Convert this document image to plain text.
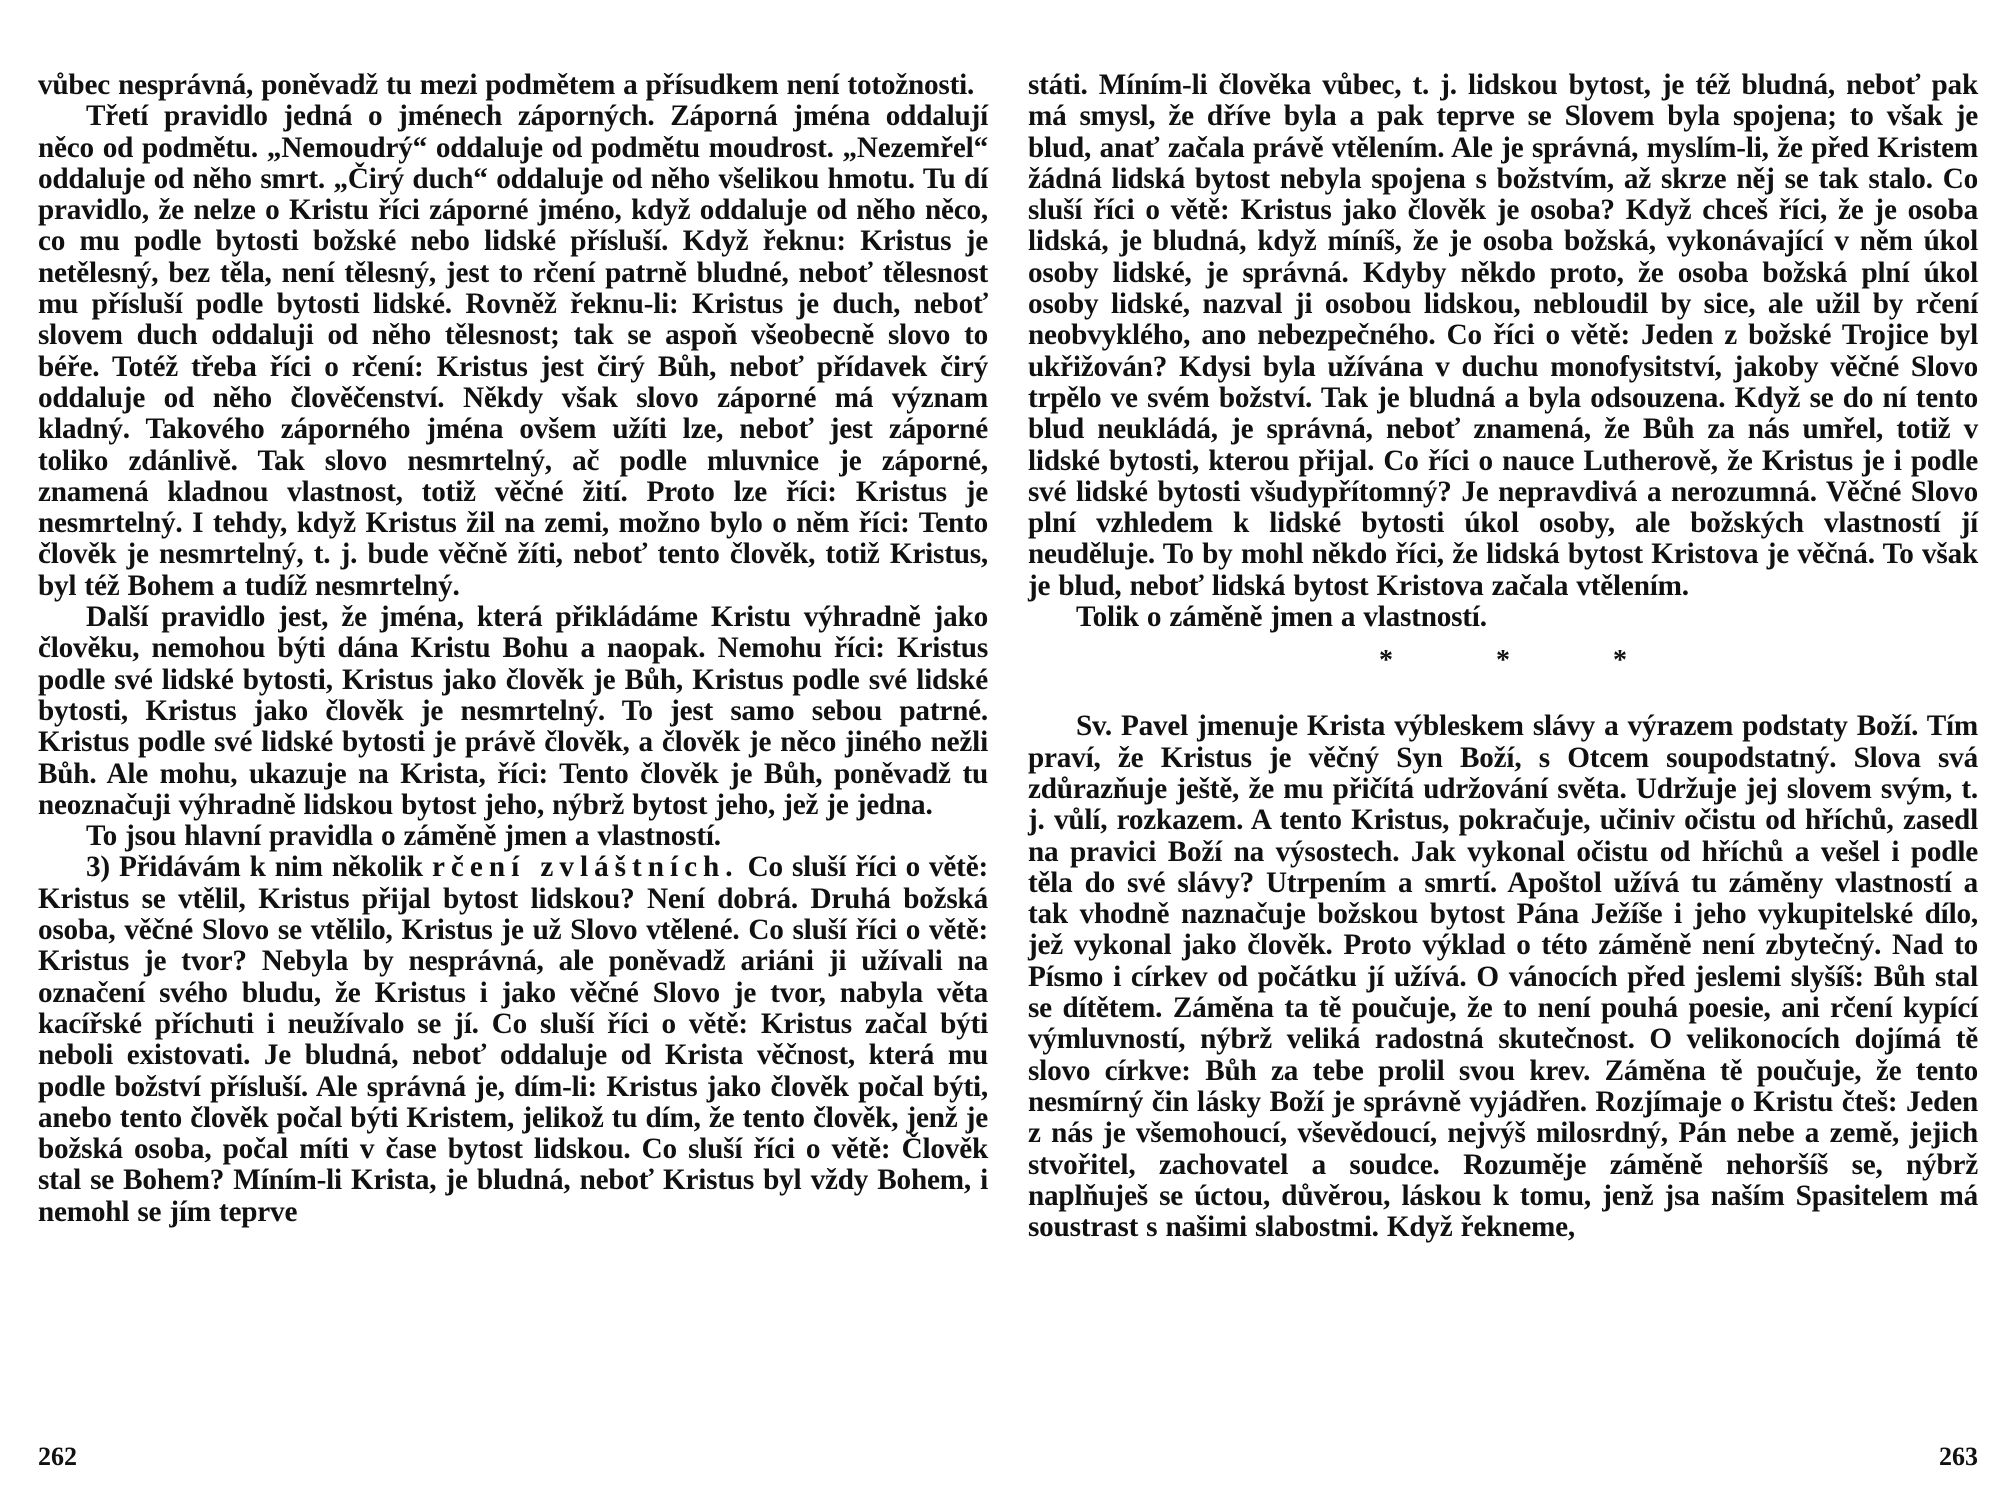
vůbec nesprávná, poněvadž tu mezi podmětem a přísudkem není totožnosti.

Třetí pravidlo jedná o jménech záporných. Záporná jména oddalují něco od podmětu. „Nemoudrý“ oddaluje od podmětu moudrost. „Nezemřel“ oddaluje od něho smrt. „Čirý duch“ oddaluje od něho všelikou hmotu. Tu dí pravidlo, že nelze o Kristu říci záporné jméno, když oddaluje od něho něco, co mu podle bytosti božské nebo lidské přísluší. Když řeknu: Kristus je netělesný, bez těla, není tělesný, jest to rčení patrně bludné, neboť tělesnost mu přísluší podle bytosti lidské. Rovněž řeknu-li: Kristus je duch, neboť slovem duch oddaluji od něho tělesnost; tak se aspoň všeobecně slovo to béře. Totéž třeba říci o rčení: Kristus jest čirý Bůh, neboť přídavek čirý oddaluje od něho člověčenství. Někdy však slovo záporné má význam kladný. Takového záporného jména ovšem užíti lze, neboť jest záporné toliko zdánlivě. Tak slovo nesmrtelný, ač podle mluvnice je záporné, znamená kladnou vlastnost, totiž věčné žití. Proto lze říci: Kristus je nesmrtelný. I tehdy, když Kristus žil na zemi, možno bylo o něm říci: Tento člověk je nesmrtelný, t. j. bude věčně žíti, neboť tento člověk, totiž Kristus, byl též Bohem a tudíž nesmrtelný.

Další pravidlo jest, že jména, která přikládáme Kristu výhradně jako člověku, nemohou býti dána Kristu Bohu a naopak. Nemohu říci: Kristus podle své lidské bytosti, Kristus jako člověk je Bůh, Kristus podle své lidské bytosti, Kristus jako člověk je nesmrtelný. To jest samo sebou patrné. Kristus podle své lidské bytosti je právě člověk, a člověk je něco jiného nežli Bůh. Ale mohu, ukazuje na Krista, říci: Tento člověk je Bůh, poněvadž tu neoznačuji výhradně lidskou bytost jeho, nýbrž bytost jeho, jež je jedna.

To jsou hlavní pravidla o záměně jmen a vlastností.

3) Přidávám k nim několik rčení zvláštních. Co sluší říci o větě: Kristus se vtělil, Kristus přijal bytost lidskou? Není dobrá. Druhá božská osoba, věčné Slovo se vtělilo, Kristus je už Slovo vtělené. Co sluší říci o větě: Kristus je tvor? Nebyla by nesprávná, ale poněvadž ariáni ji užívali na označení svého bludu, že Kristus i jako věčné Slovo je tvor, nabyla věta kacířské příchuti i neužívalo se jí. Co sluší říci o větě: Kristus začal býti neboli existovati. Je bludná, neboť oddaluje od Krista věčnost, která mu podle božství přísluší. Ale správná je, dím-li: Kristus jako člověk počal býti, anebo tento člověk počal býti Kristem, jelikož tu dím, že tento člověk, jenž je božská osoba, počal míti v čase bytost lidskou. Co sluší říci o větě: Člověk stal se Bohem? Míním-li Krista, je bludná, neboť Kristus byl vždy Bohem, i nemohl se jím teprve

262

státi. Míním-li člověka vůbec, t. j. lidskou bytost, je též bludná, neboť pak má smysl, že dříve byla a pak teprve se Slovem byla spojena; to však je blud, anať začala právě vtělením. Ale je správná, myslím-li, že před Kristem žádná lidská bytost nebyla spojena s božstvím, až skrze něj se tak stalo. Co sluší říci o větě: Kristus jako člověk je osoba? Když chceš říci, že je osoba lidská, je bludná, když míníš, že je osoba božská, vykonávající v něm úkol osoby lidské, je správná. Kdyby někdo proto, že osoba božská plní úkol osoby lidské, nazval ji osobou lidskou, nebloudil by sice, ale užil by rčení neobvyklého, ano nebezpečného. Co říci o větě: Jeden z božské Trojice byl ukřižován? Kdysi byla užívána v duchu monofysitství, jakoby věčné Slovo trpělo ve svém božství. Tak je bludná a byla odsouzena. Když se do ní tento blud neukládá, je správná, neboť znamená, že Bůh za nás umřel, totiž v lidské bytosti, kterou přijal. Co říci o nauce Lutherově, že Kristus je i podle své lidské bytosti všudypřítomný? Je nepravdivá a nerozumná. Věčné Slovo plní vzhledem k lidské bytosti úkol osoby, ale božských vlastností jí neuděluje. To by mohl někdo říci, že lidská bytost Kristova je věčná. To však je blud, neboť lidská bytost Kristova začala vtělením.

Tolik o záměně jmen a vlastností.

* * *

Sv. Pavel jmenuje Krista výbleskem slávy a výrazem podstaty Boží. Tím praví, že Kristus je věčný Syn Boží, s Otcem soupodstatný. Slova svá zdůrazňuje ještě, že mu přičítá udržování světa. Udržuje jej slovem svým, t. j. vůlí, rozkazem. A tento Kristus, pokračuje, učiniv očistu od hříchů, zasedl na pravici Boží na výsostech. Jak vykonal očistu od hříchů a vešel i podle těla do své slávy? Utrpením a smrtí. Apoštol užívá tu záměny vlastností a tak vhodně naznačuje božskou bytost Pána Ježíše i jeho vykupitelské dílo, jež vykonal jako člověk. Proto výklad o této záměně není zbytečný. Nad to Písmo i církev od počátku jí užívá. O vánocích před jeslemi slyšíš: Bůh stal se dítětem. Záměna ta tě poučuje, že to není pouhá poesie, ani rčení kypící výmluvností, nýbrž veliká radostná skutečnost. O velikonocích dojímá tě slovo církve: Bůh za tebe prolil svou krev. Záměna tě poučuje, že tento nesmírný čin lásky Boží je správně vyjádřen. Rozjímaje o Kristu čteš: Jeden z nás je všemohoucí, vševědoucí, nejvýš milosrdný, Pán nebe a země, jejich stvořitel, zachovatel a soudce. Rozuměje záměně nehoršíš se, nýbrž naplňuješ se úctou, důvěrou, láskou k tomu, jenž jsa naším Spasitelem má soustrast s našimi slabostmi. Když řekneme,

263
